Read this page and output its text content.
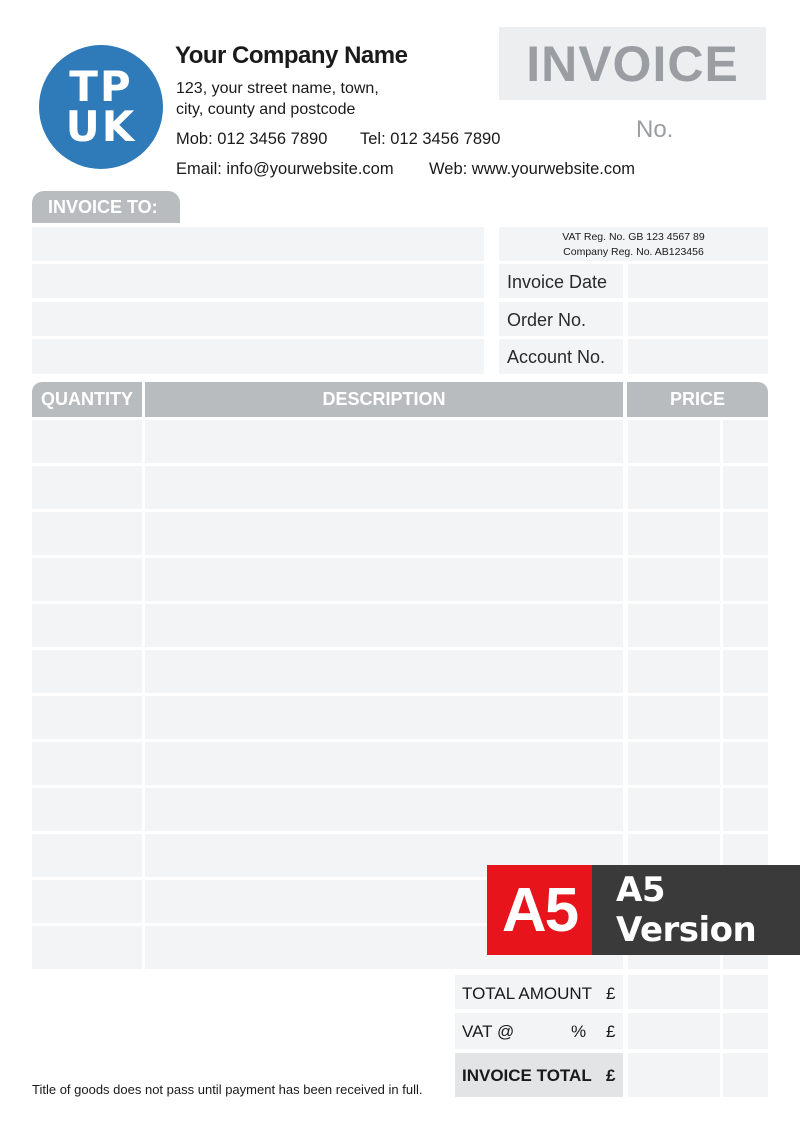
TP
UK
Your Company Name
123, your street name, town,
city, county and postcode
Mob: 012 3456 7890 Tel: 012 3456 7890
Email: info@yourwebsite.com Web: www.yourwebsite.com
INVOICE
No.
INVOICE TO:
VAT Reg. No. GB 123 4567 89
Company Reg. No. AB123456
Invoice Date
Order No.
Account No.
QUANTITY	DESCRIPTION	PRICE
TOTAL AMOUNT £
VAT @	% £
INVOICE TOTAL £
A5	A5 Version
Title of goods does not pass until payment has been received in full.
